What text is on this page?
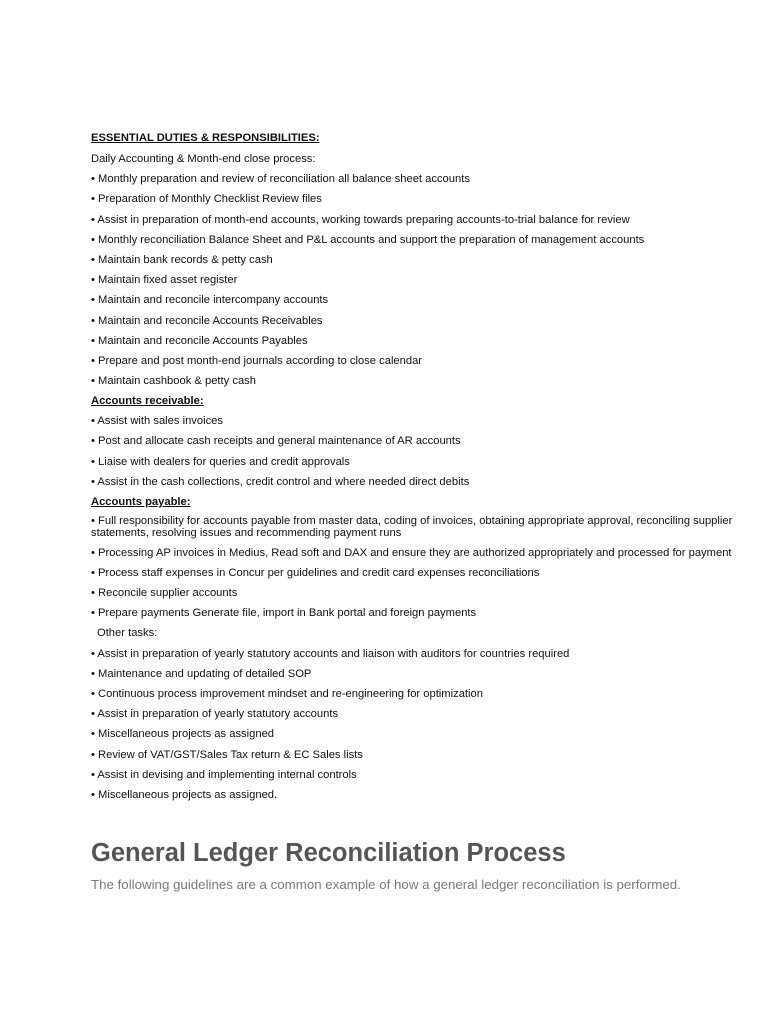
ESSENTIAL DUTIES & RESPONSIBILITIES:
Daily Accounting & Month-end close process:
• Monthly preparation and review of reconciliation all balance sheet accounts
• Preparation of Monthly Checklist Review files
• Assist in preparation of month-end accounts, working towards preparing accounts-to-trial balance for review
• Monthly reconciliation Balance Sheet and P&L accounts and support the preparation of management accounts
• Maintain bank records & petty cash
• Maintain fixed asset register
• Maintain and reconcile intercompany accounts
• Maintain and reconcile Accounts Receivables
• Maintain and reconcile Accounts Payables
• Prepare and post month-end journals according to close calendar
• Maintain cashbook & petty cash
Accounts receivable:
• Assist with sales invoices
• Post and allocate cash receipts and general maintenance of AR accounts
• Liaise with dealers for queries and credit approvals
• Assist in the cash collections, credit control and where needed direct debits
Accounts payable:
• Full responsibility for accounts payable from master data, coding of invoices, obtaining appropriate approval, reconciling supplier statements, resolving issues and recommending payment runs
• Processing AP invoices in Medius, Read soft and DAX and ensure they are authorized appropriately and processed for payment
• Process staff expenses in Concur per guidelines and credit card expenses reconciliations
• Reconcile supplier accounts
• Prepare payments Generate file, import in Bank portal and foreign payments
Other tasks:
• Assist in preparation of yearly statutory accounts and liaison with auditors for countries required
• Maintenance and updating of detailed SOP
• Continuous process improvement mindset and re-engineering for optimization
• Assist in preparation of yearly statutory accounts
• Miscellaneous projects as assigned
• Review of VAT/GST/Sales Tax return & EC Sales lists
• Assist in devising and implementing internal controls
• Miscellaneous projects as assigned.
General Ledger Reconciliation Process

The following guidelines are a common example of how a general ledger reconciliation is performed.
